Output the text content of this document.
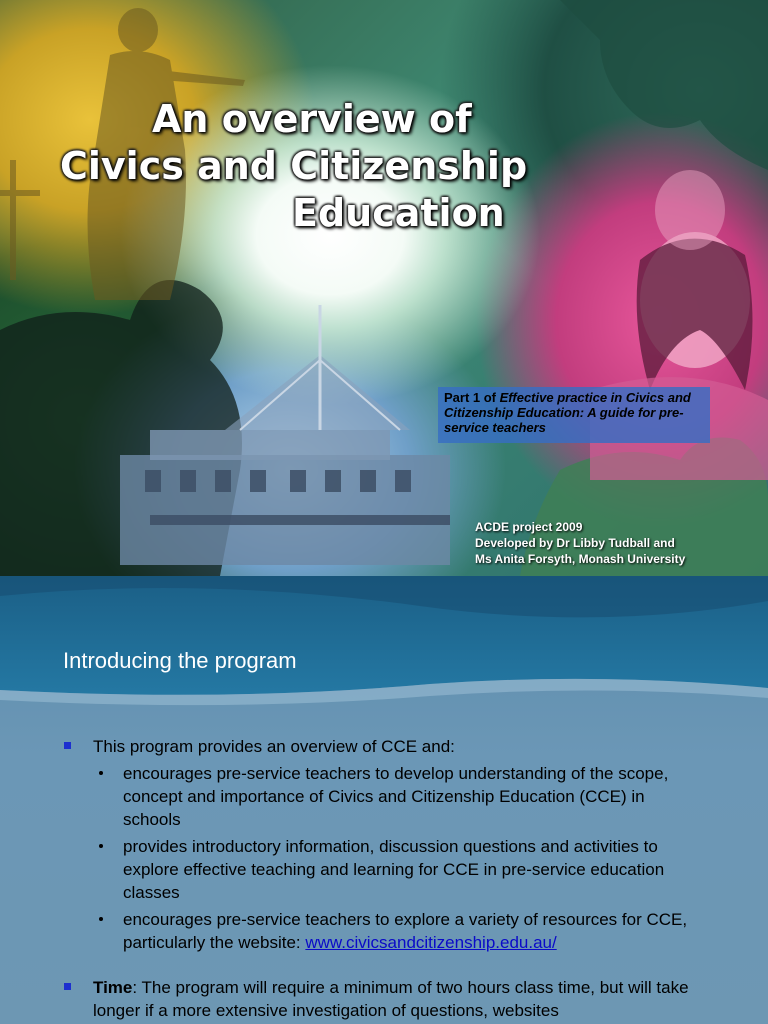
An overview of
Civics and Citizenship
Education
Part 1 of Effective practice in Civics and Citizenship Education: A guide for pre-service teachers
ACDE project 2009
Developed by Dr Libby Tudball and
Ms Anita Forsyth, Monash University
Introducing the program
This program provides an overview of CCE and:
encourages pre-service teachers to develop understanding of the scope, concept and importance of Civics and Citizenship Education (CCE) in schools
provides introductory information, discussion questions and activities to explore effective teaching and learning for CCE in pre-service education classes
encourages pre-service teachers to explore a variety of resources for CCE, particularly the website: www.civicsandcitizenship.edu.au/
Time: The program will require a minimum of two hours class time, but will take longer if a more extensive investigation of questions, websites
